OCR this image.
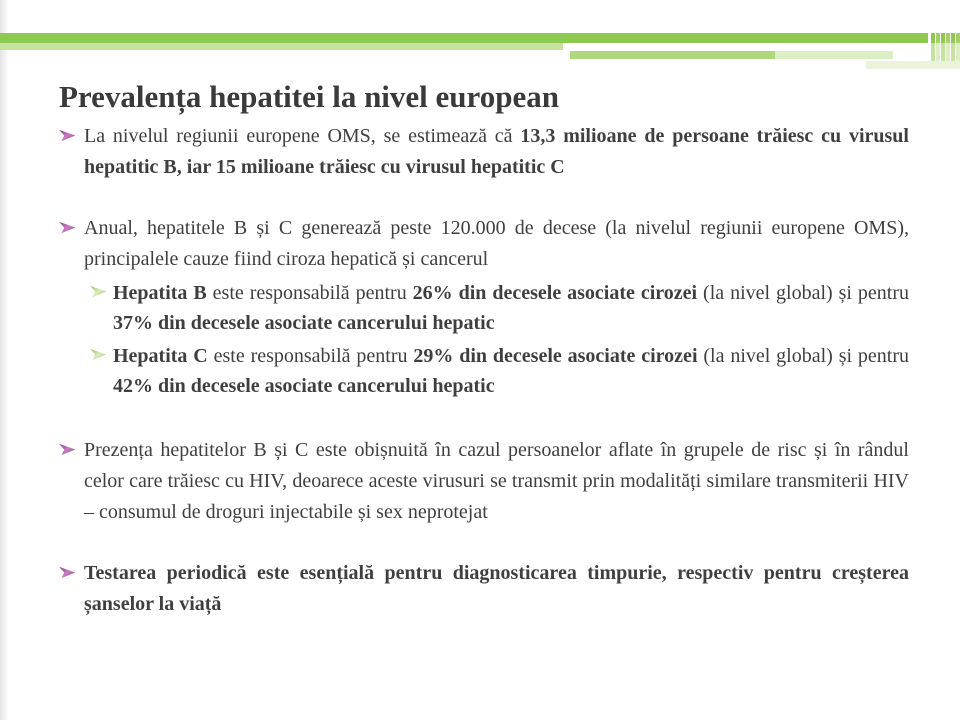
Prevalența hepatitei la nivel european
La nivelul regiunii europene OMS, se estimează că 13,3 milioane de persoane trăiesc cu virusul hepatitic B, iar 15 milioane trăiesc cu virusul hepatitic C
Anual, hepatitele B și C generează peste 120.000 de decese (la nivelul regiunii europene OMS), principalele cauze fiind ciroza hepatică și cancerul
Hepatita B este responsabilă pentru 26% din decesele asociate cirozei (la nivel global) și pentru 37% din decesele asociate cancerului hepatic
Hepatita C este responsabilă pentru 29% din decesele asociate cirozei (la nivel global) și pentru 42% din decesele asociate cancerului hepatic
Prezența hepatitelor B și C este obișnuită în cazul persoanelor aflate în grupele de risc și în rândul celor care trăiesc cu HIV, deoarece aceste virusuri se transmit prin modalități similare transmiterii HIV – consumul de droguri injectabile și sex neprotejat
Testarea periodică este esențială pentru diagnosticarea timpurie, respectiv pentru creșterea șanselor la viață
